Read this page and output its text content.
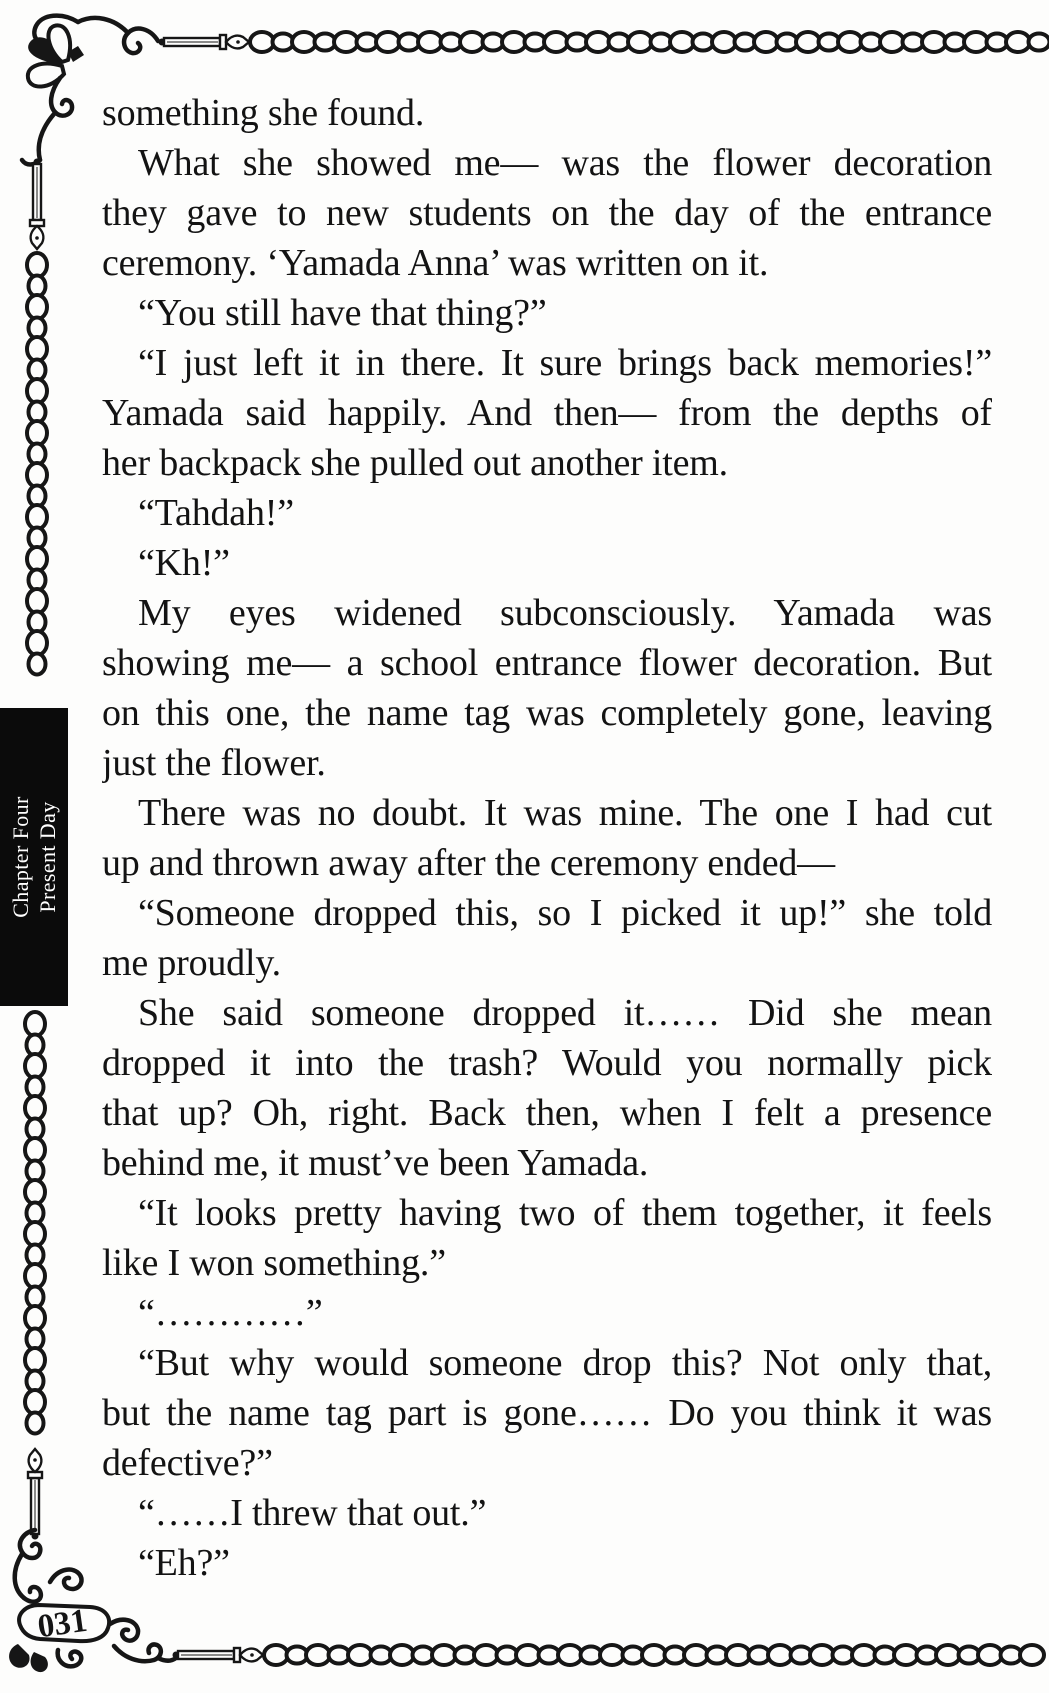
Chapter Four Present Day
031
something she found.
What she showed me— was the flower decoration
they gave to new students on the day of the entrance
ceremony. ‘Yamada Anna’ was written on it.
“You still have that thing?”
“I just left it in there. It sure brings back memories!”
Yamada said happily. And then— from the depths of
her backpack she pulled out another item.
“Tahdah!”
“Kh!”
My eyes widened subconsciously. Yamada was
showing me— a school entrance flower decoration. But
on this one, the name tag was completely gone, leaving
just the flower.
There was no doubt. It was mine. The one I had cut
up and thrown away after the ceremony ended—
“Someone dropped this, so I picked it up!” she told
me proudly.
She said someone dropped it…… Did she mean
dropped it into the trash? Would you normally pick
that up? Oh, right. Back then, when I felt a presence
behind me, it must’ve been Yamada.
“It looks pretty having two of them together, it feels
like I won something.”
“…………”
“But why would someone drop this? Not only that,
but the name tag part is gone…… Do you think it was
defective?”
“……I threw that out.”
“Eh?”
